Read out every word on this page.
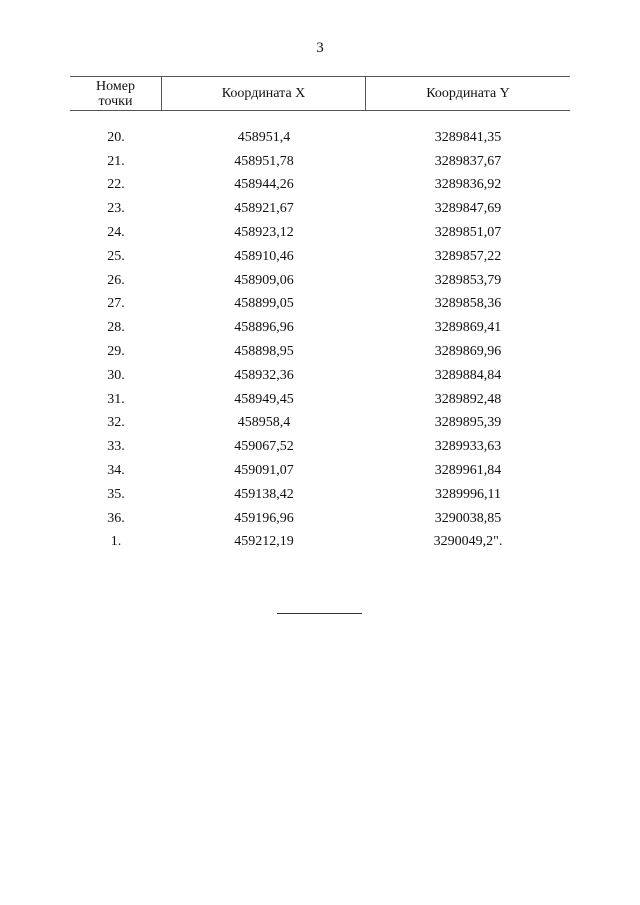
3
Номер
точки	Координата X	Координата Y
20.	458951,4	3289841,35
21.	458951,78	3289837,67
22.	458944,26	3289836,92
23.	458921,67	3289847,69
24.	458923,12	3289851,07
25.	458910,46	3289857,22
26.	458909,06	3289853,79
27.	458899,05	3289858,36
28.	458896,96	3289869,41
29.	458898,95	3289869,96
30.	458932,36	3289884,84
31.	458949,45	3289892,48
32.	458958,4	3289895,39
33.	459067,52	3289933,63
34.	459091,07	3289961,84
35.	459138,42	3289996,11
36.	459196,96	3290038,85
1.	459212,19	3290049,2".
